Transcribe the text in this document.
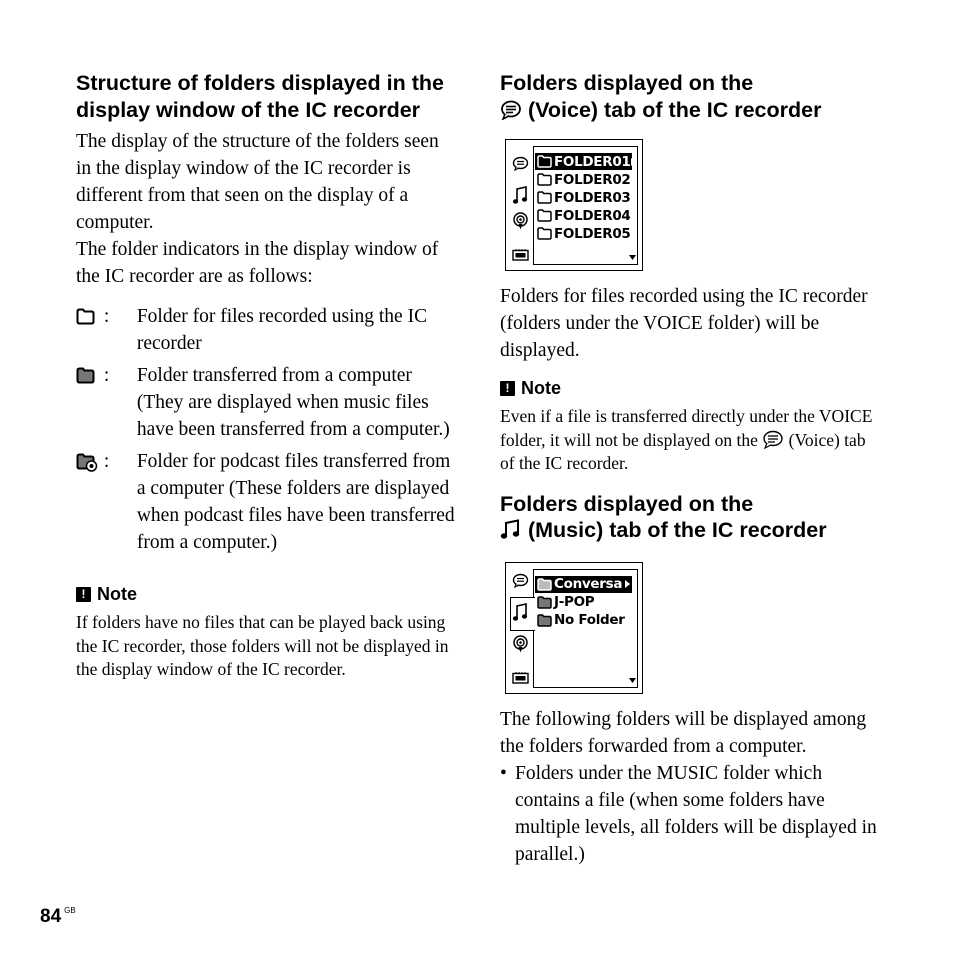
Structure of folders displayed in the display window of the IC recorder

The display of the structure of the folders seen in the display window of the IC recorder is different from that seen on the display of a computer.

The folder indicators in the display window of the IC recorder are as follows:

:	Folder for files recorded using the IC recorder
:	Folder transferred from a computer (They are displayed when music files have been transferred from a computer.)
:	Folder for podcast files transferred from a computer (These folders are displayed when podcast files have been transferred from a computer.)
! Note

If folders have no files that can be played back using the IC recorder, those folders will not be displayed in the display window of the IC recorder.

Folders displayed on the
(Voice) tab of the IC recorder
FOLDER01
FOLDER02
FOLDER03
FOLDER04
FOLDER05

Folders for files recorded using the IC recorder (folders under the VOICE folder) will be displayed.

! Note

Even if a file is transferred directly under the VOICE folder, it will not be displayed on the (Voice) tab of the IC recorder.

Folders displayed on the
(Music) tab of the IC recorder
Conversa
J-POP
No Folder

The following folders will be displayed among the folders forwarded from a computer.

• Folders under the MUSIC folder which contains a file (when some folders have multiple levels, all folders will be displayed in parallel.)
84 $^{GB}$
